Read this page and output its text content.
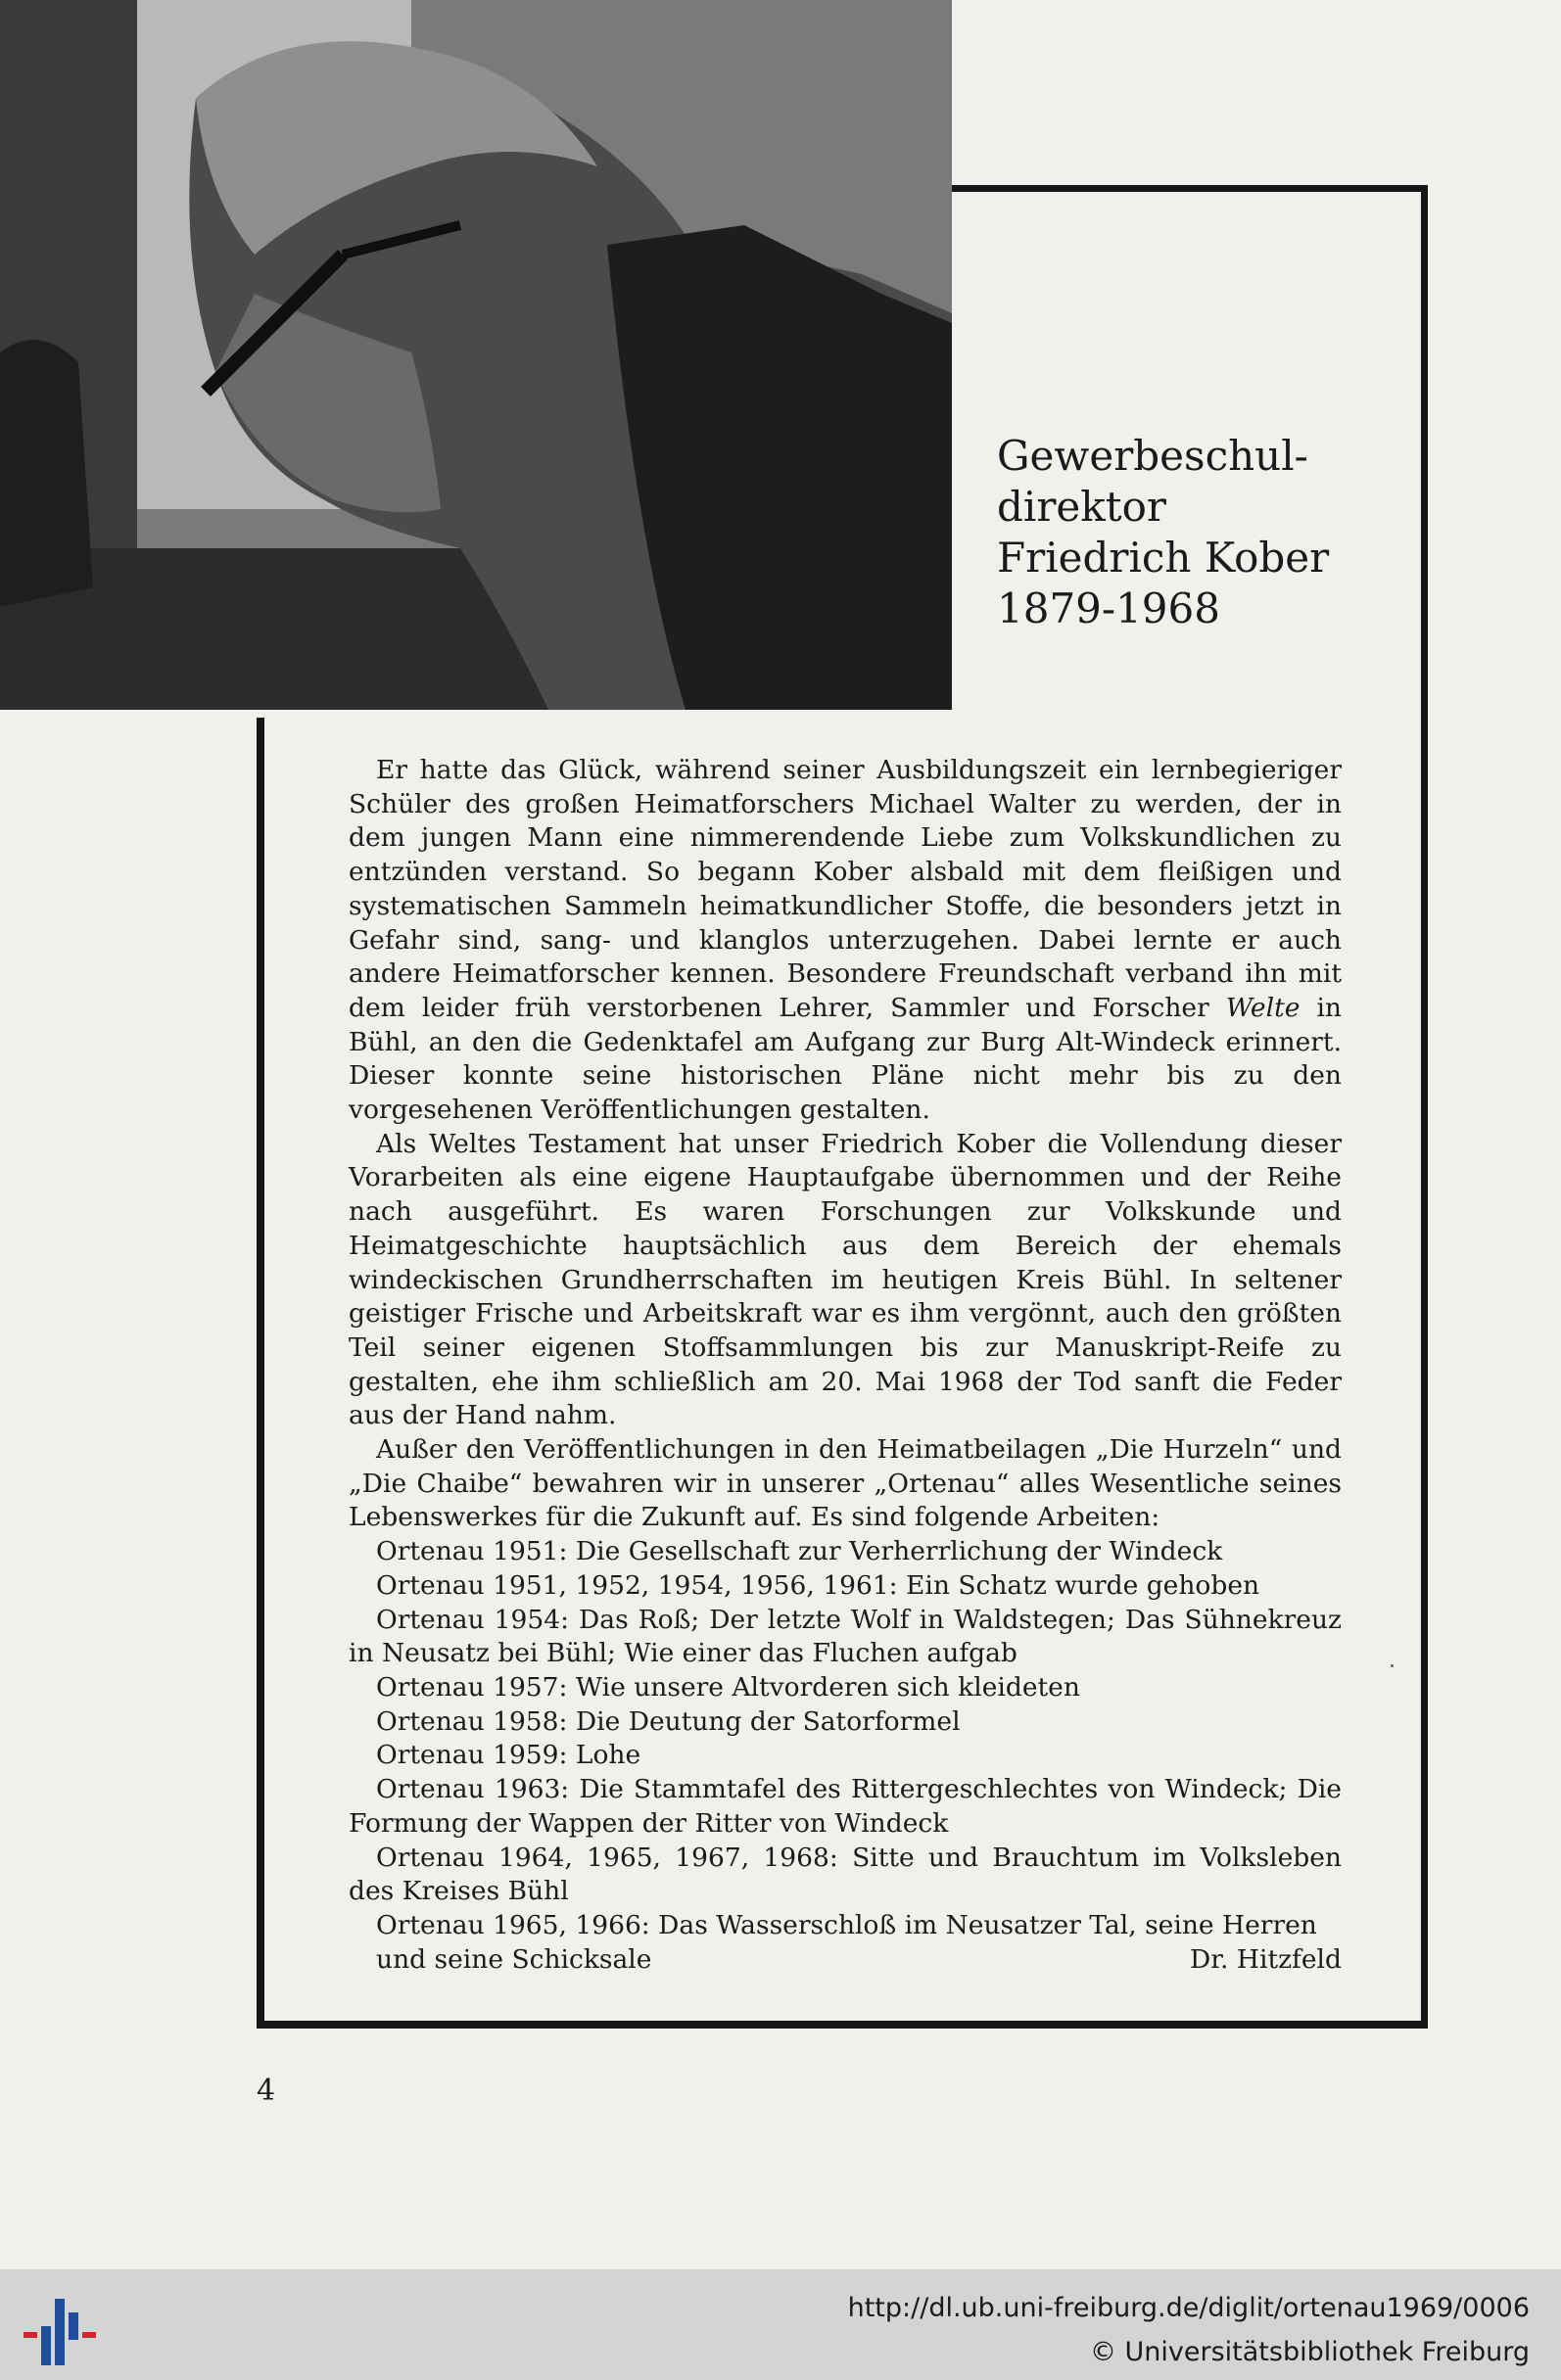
Gewerbeschul-
direktor
Friedrich Kober
1879-1968

Er hatte das Glück, während seiner Ausbildungszeit ein lernbegieriger Schüler des großen Heimatforschers Michael Walter zu werden, der in dem jungen Mann eine nimmerendende Liebe zum Volkskundlichen zu entzünden verstand. So begann Kober alsbald mit dem fleißigen und systematischen Sammeln heimatkundlicher Stoffe, die besonders jetzt in Gefahr sind, sang- und klanglos unterzugehen. Dabei lernte er auch andere Heimatforscher kennen. Besondere Freundschaft verband ihn mit dem leider früh verstorbenen Lehrer, Sammler und Forscher Welte in Bühl, an den die Gedenktafel am Aufgang zur Burg Alt-Windeck erinnert. Dieser konnte seine historischen Pläne nicht mehr bis zu den vorgesehenen Veröffentlichungen gestalten.

Als Weltes Testament hat unser Friedrich Kober die Vollendung dieser Vorarbeiten als eine eigene Hauptaufgabe übernommen und der Reihe nach ausgeführt. Es waren Forschungen zur Volkskunde und Heimatgeschichte hauptsächlich aus dem Bereich der ehemals windeckischen Grundherrschaften im heutigen Kreis Bühl. In seltener geistiger Frische und Arbeitskraft war es ihm vergönnt, auch den größten Teil seiner eigenen Stoffsammlungen bis zur Manuskript-Reife zu gestalten, ehe ihm schließlich am 20. Mai 1968 der Tod sanft die Feder aus der Hand nahm.

Außer den Veröffentlichungen in den Heimatbeilagen „Die Hurzeln“ und „Die Chaibe“ bewahren wir in unserer „Ortenau“ alles Wesentliche seines Lebenswerkes für die Zukunft auf. Es sind folgende Arbeiten:

Ortenau 1951: Die Gesellschaft zur Verherrlichung der Windeck
Ortenau 1951, 1952, 1954, 1956, 1961: Ein Schatz wurde gehoben
Ortenau 1954: Das Roß; Der letzte Wolf in Waldstegen; Das Sühnekreuz in Neusatz bei Bühl; Wie einer das Fluchen aufgab
Ortenau 1957: Wie unsere Altvorderen sich kleideten
Ortenau 1958: Die Deutung der Satorformel
Ortenau 1959: Lohe
Ortenau 1963: Die Stammtafel des Rittergeschlechtes von Windeck; Die Formung der Wappen der Ritter von Windeck
Ortenau 1964, 1965, 1967, 1968: Sitte und Brauchtum im Volksleben des Kreises Bühl
Ortenau 1965, 1966: Das Wasserschloß im Neusatzer Tal, seine Herren
und seine Schicksale	Dr. Hitzfeld
4
http://dl.ub.uni-freiburg.de/diglit/ortenau1969/0006
© Universitätsbibliothek Freiburg
